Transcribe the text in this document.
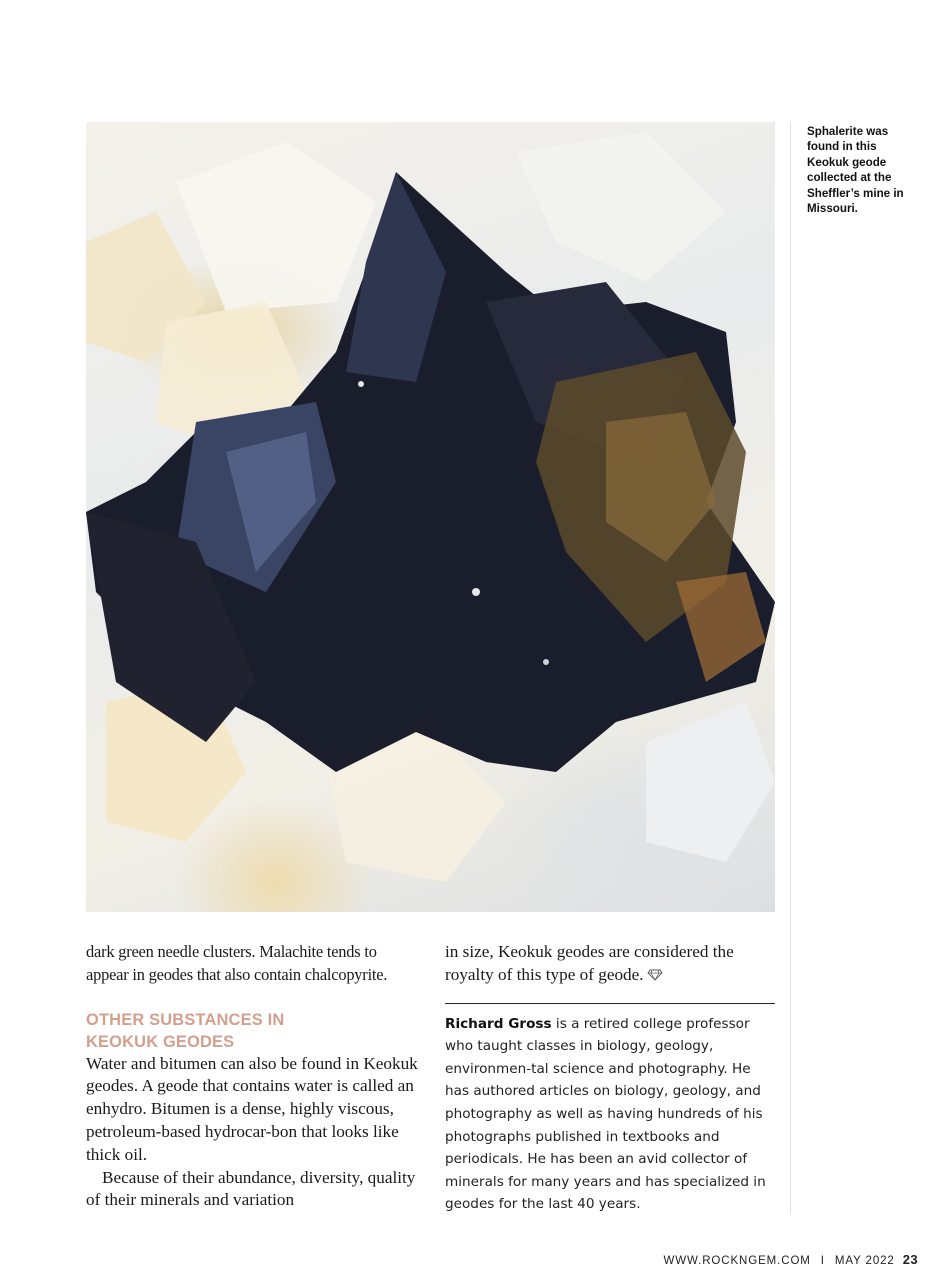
Sphalerite was found in this Keokuk geode collected at the Sheffler’s mine in Missouri.

dark green needle clusters. Malachite tends to appear in geodes that also contain chalcopyrite.

OTHER SUBSTANCES IN
KEOKUK GEODES

Water and bitumen can also be found in Keokuk geodes. A geode that contains water is called an enhydro. Bitumen is a dense, highly viscous, petroleum-based hydrocar-bon that looks like thick oil.

Because of their abundance, diversity, quality of their minerals and variation

in size, Keokuk geodes are considered the royalty of this type of geode.

Richard Gross is a retired college professor who taught classes in biology, geology, environmen-tal science and photography. He has authored articles on biology, geology, and photography as well as having hundreds of his photographs published in textbooks and periodicals. He has been an avid collector of minerals for many years and has specialized in geodes for the last 40 years.

WWW.ROCKNGEM.COM I MAY 2022 23
